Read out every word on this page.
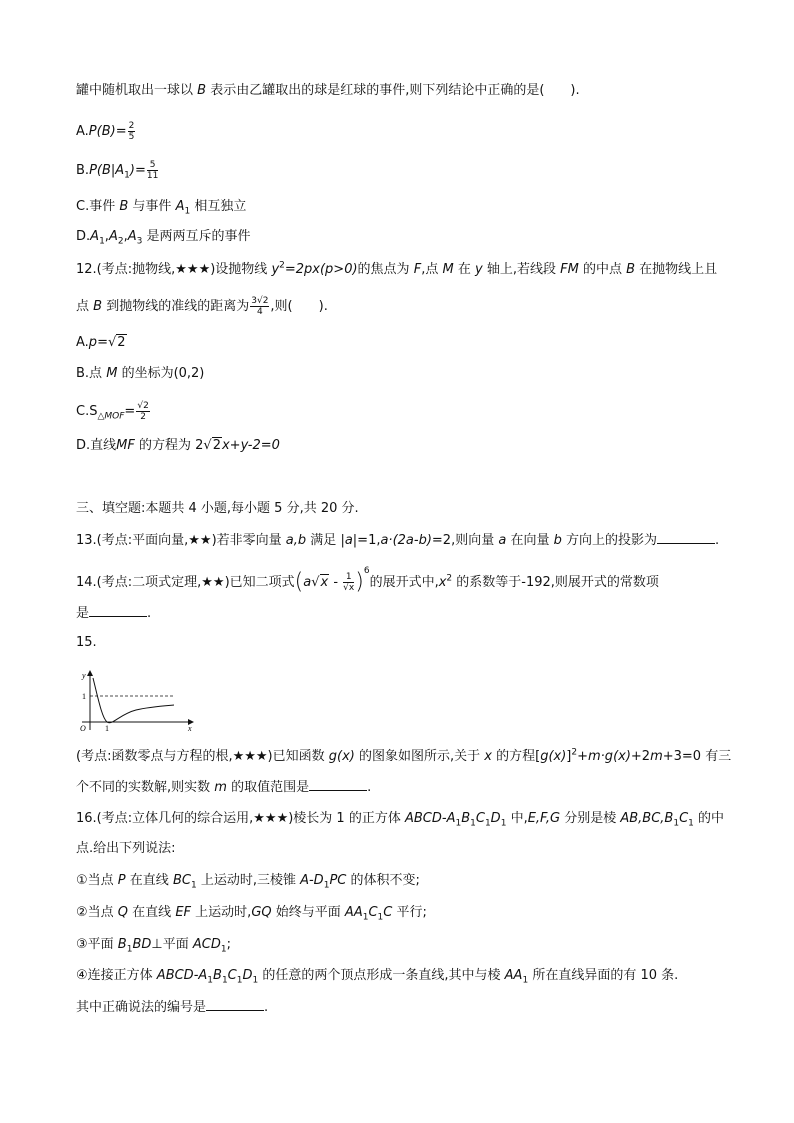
罐中随机取出一球以 B 表示由乙罐取出的球是红球的事件,则下列结论中正确的是(　　).
$A.P(B)= \frac{2}{5}$
$B.P(B|A_1)= \frac{5}{11}$
C.事件 B 与事件 $A_1$ 相互独立
$D.A_1,A_2,A_3$ 是两两互斥的事件
12.(考点:抛物线,★★★)设抛物线 $y^2=2px(p>0)$的焦点为 F,点 M 在 y 轴上,若线段 FM 的中点 B 在抛物线上且
点 B 到抛物线的准线的距离为 $\frac{3√2}{4}$ ,则(　　).
A.p=√2
B.点 M 的坐标为(0,2)
$C.S_{\triangle MOF}= \frac{√2}{2}$
D.直线MF 的方程为 2√2x+y-2=0
三、填空题:本题共 4 小题,每小题 5 分,共 20 分.
13.(考点:平面向量,★★)若非零向量 a,b 满足 |a|=1,a·(2a-b)=2,则向量 a 在向量 b 方向上的投影为	.
14.(考点:二项式定理,★★)已知二项式$(a√x - \frac{1}{√x} )^6$的展开式中$,x^2$ 的系数等于-192,则展开式的常数项
是	.
15.
y
x
1
1
O
(考点:函数零点与方程的根,★★★)已知函数 g(x) 的图象如图所示,关于 x 的方程$[g(x)]^2+m\cdot g(x)+2m+3=0$ 有三
个不同的实数解,则实数 m 的取值范围是	.
16.(考点:立体几何的综合运用,★★★)棱长为 1 的正方体 ABCD-$A_1B_1C_1D_1$ 中,E,F,G 分别是棱 $AB,BC,B_1C_1$ 的中
点.给出下列说法:
①当点 P 在直线 $BC_1$ 上运动时,三棱锥 $A-D_1PC$ 的体积不变;
②当点 Q 在直线 EF 上运动时,GQ 始终与平面 $AA_1C_1C$ 平行;
③平面 $B_1BD\perp$平面 $ACD_1$;
④连接正方体 ABCD-$A_1B_1C_1D_1$ 的任意的两个顶点形成一条直线,其中与棱 $AA_1$ 所在直线异面的有 10 条.
其中正确说法的编号是	.
